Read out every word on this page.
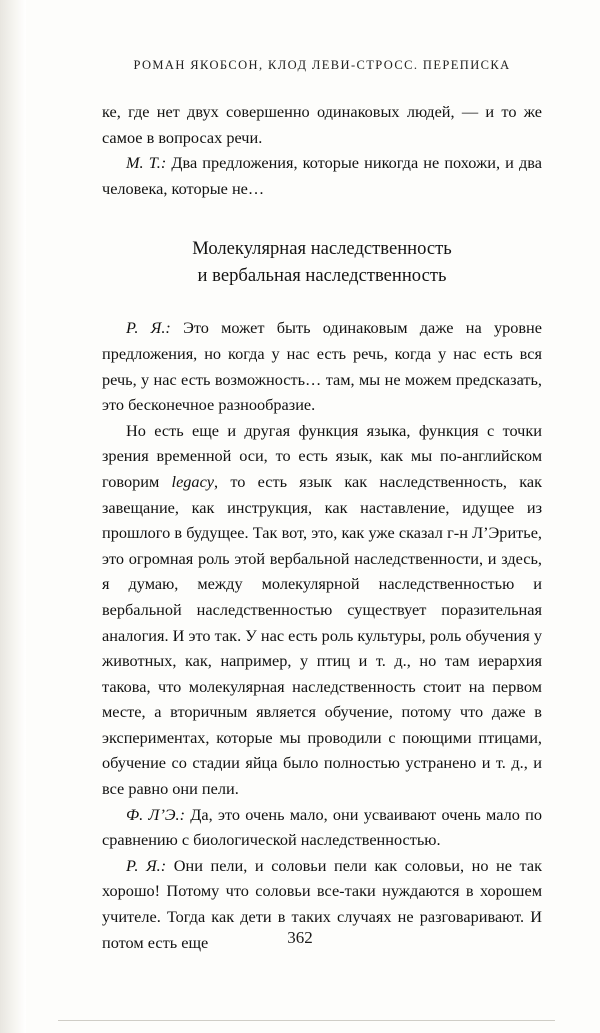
РОМАН ЯКОБСОН, КЛОД ЛЕВИ-СТРОСС. ПЕРЕПИСКА

ке, где нет двух совершенно одинаковых людей, — и то же самое в вопросах речи.

М. Т.: Два предложения, которые никогда не похожи, и два человека, которые не…

Молекулярная наследственность
и вербальная наследственность

Р. Я.: Это может быть одинаковым даже на уровне предложения, но когда у нас есть речь, когда у нас есть вся речь, у нас есть возможность… там, мы не можем предсказать, это бесконечное разнообразие.

Но есть еще и другая функция языка, функция с точки зрения временной оси, то есть язык, как мы по-английском говорим legacy, то есть язык как наследственность, как завещание, как инструкция, как наставление, идущее из прошлого в будущее. Так вот, это, как уже сказал г-н Л’Эритье, это огромная роль этой вербальной наследственности, и здесь, я думаю, между молекулярной наследственностью и вербальной наследственностью существует поразительная аналогия. И это так. У нас есть роль культуры, роль обучения у животных, как, например, у птиц и т. д., но там иерархия такова, что молекулярная наследственность стоит на первом месте, а вторичным является обучение, потому что даже в экспериментах, которые мы проводили с поющими птицами, обучение со стадии яйца было полностью устранено и т. д., и все равно они пели.

Ф. Л’Э.: Да, это очень мало, они усваивают очень мало по сравнению с биологической наследственностью.

Р. Я.: Они пели, и соловьи пели как соловьи, но не так хорошо! Потому что соловьи все-таки нуждаются в хорошем учителе. Тогда как дети в таких случаях не разговаривают. И потом есть еще	362
